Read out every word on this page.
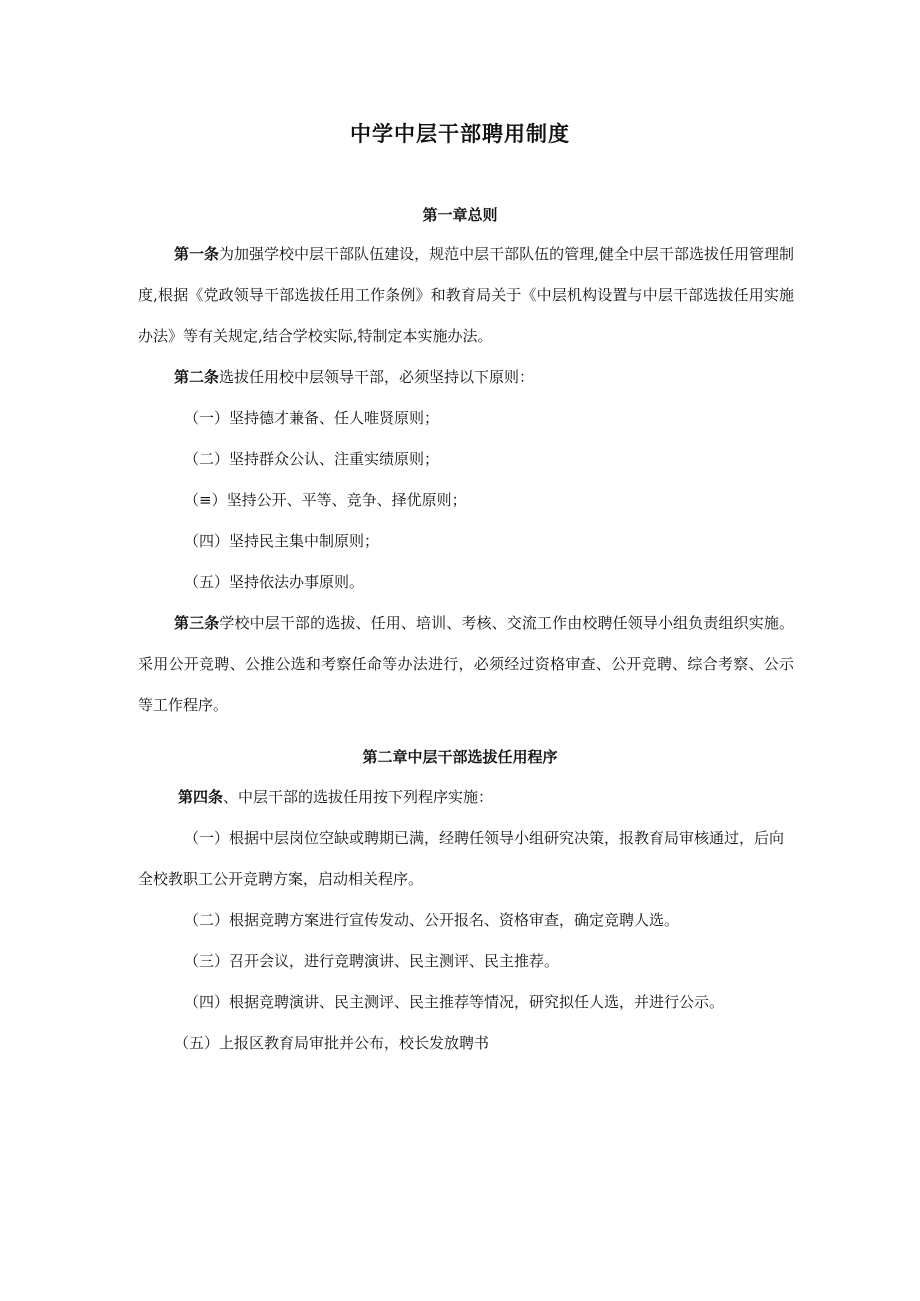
中学中层干部聘用制度
第一章总则

第一条为加强学校中层干部队伍建设，规范中层干部队伍的管理,健全中层干部选拔任用管理制度,根据《党政领导干部选拔任用工作条例》和教育局关于《中层机构设置与中层干部选拔任用实施办法》等有关规定,结合学校实际,特制定本实施办法。

第二条选拔任用校中层领导干部，必须坚持以下原则：

（一）坚持德才兼备、任人唯贤原则；

（二）坚持群众公认、注重实绩原则；

（≡）坚持公开、平等、竞争、择优原则；

（四）坚持民主集中制原则；

（五）坚持依法办事原则。

第三条学校中层干部的选拔、任用、培训、考核、交流工作由校聘任领导小组负责组织实施。采用公开竞聘、公推公选和考察任命等办法进行，必须经过资格审查、公开竞聘、综合考察、公示等工作程序。

第二章中层干部选拔任用程序

第四条、中层干部的选拔任用按下列程序实施：

（一）根据中层岗位空缺或聘期已满，经聘任领导小组研究决策，报教育局审核通过，后向全校教职工公开竞聘方案，启动相关程序。

（二）根据竞聘方案进行宣传发动、公开报名、资格审查，确定竞聘人选。

（三）召开会议，进行竞聘演讲、民主测评、民主推荐。

（四）根据竞聘演讲、民主测评、民主推荐等情况，研究拟任人选，并进行公示。

（五）上报区教育局审批并公布，校长发放聘书
